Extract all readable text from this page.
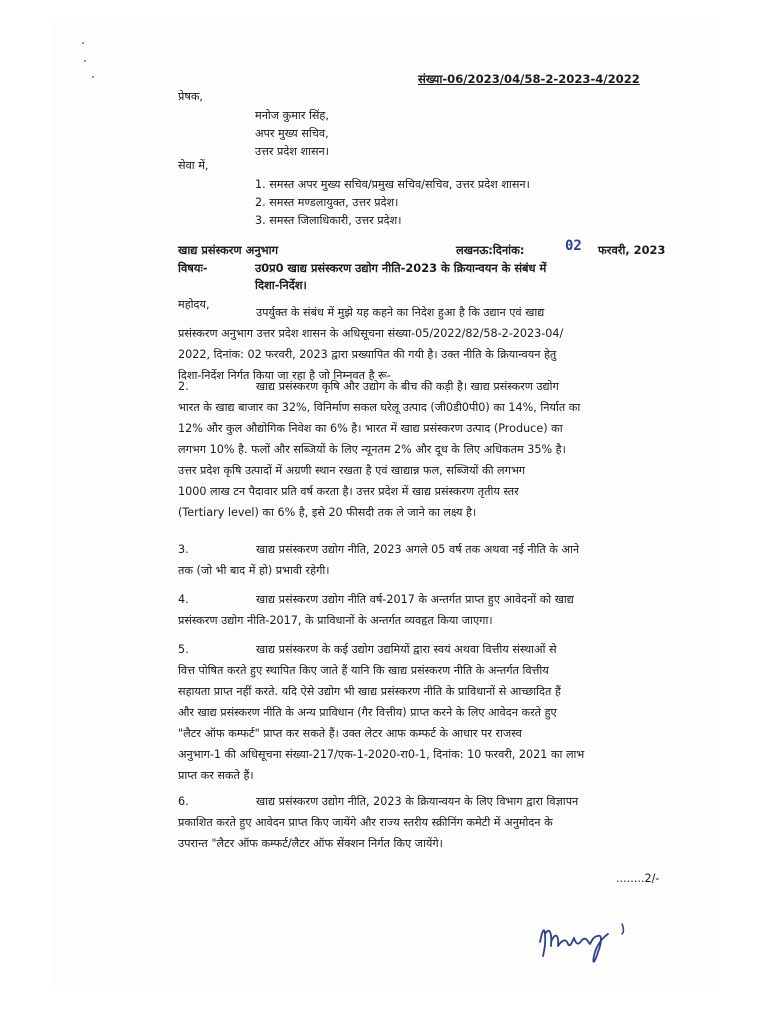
संख्या-06/2023/04/58-2-2023-4/2022
प्रेषक,
मनोज कुमार सिंह,
अपर मुख्य सचिव,
उत्तर प्रदेश शासन।
सेवा में,
1. समस्त अपर मुख्य सचिव/प्रमुख सचिव/सचिव, उत्तर प्रदेश शासन।
2. समस्त मण्डलायुक्त, उत्तर प्रदेश।
3. समस्त जिलाधिकारी, उत्तर प्रदेश।
खाद्य प्रसंस्करण अनुभाग	लखनऊ:दिनांक:	02 फरवरी, 2023
विषयः-	उ0प्र0 खाद्य प्रसंस्करण उद्योग नीति-2023 के क्रियान्वयन के संबंध में
दिशा-निर्देश।
महोदय,
उपर्युक्त के संबंध में मुझे यह कहने का निदेश हुआ है कि उद्यान एवं खाद्य
प्रसंस्करण अनुभाग उत्तर प्रदेश शासन के अधिसूचना संख्या-05/2022/82/58-2-2023-04/
2022, दिनांक: 02 फरवरी, 2023 द्वारा प्रख्यापित की गयी है। उक्त नीति के क्रियान्वयन हेतु
दिशा-निर्देश निर्गत किया जा रहा है जो निम्नवत है रू-
2.	खाद्य प्रसंस्करण कृषि और उद्योग के बीच की कड़ी है। खाद्य प्रसंस्करण उद्योग
भारत के खाद्य बाजार का 32%, विनिर्माण सकल घरेलू उत्पाद (जी0डी0पी0) का 14%, निर्यात का
12% और कुल औद्योगिक निवेश का 6% है। भारत में खाद्य प्रसंस्करण उत्पाद (Produce) का
लगभग 10% है. फलों और सब्जियों के लिए न्यूनतम 2% और दूध के लिए अधिकतम 35% है।
उत्तर प्रदेश कृषि उत्पादों में अग्रणी स्थान रखता है एवं खाद्यान्न फल, सब्जियों की लगभग
1000 लाख टन पैदावार प्रति वर्ष करता है। उत्तर प्रदेश में खाद्य प्रसंस्करण तृतीय स्तर
(Tertiary level) का 6% है, इसे 20 फीसदी तक ले जाने का लक्ष्य है।
3.	खाद्य प्रसंस्करण उद्योग नीति, 2023 अगले 05 वर्ष तक अथवा नई नीति के आने
तक (जो भी बाद में हो) प्रभावी रहेगी।
4.	खाद्य प्रसंस्करण उद्योग नीति वर्ष-2017 के अन्तर्गत प्राप्त हुए आवेदनों को खाद्य
प्रसंस्करण उद्योग नीति-2017, के प्राविधानों के अन्तर्गत व्यवहृत किया जाएगा।
5.	खाद्य प्रसंस्करण के कई उद्योग उद्यमियों द्वारा स्वयं अथवा वित्तीय संस्थाओं से
वित्त पोषित करते हुए स्थापित किए जाते हैं यानि कि खाद्य प्रसंस्करण नीति के अन्तर्गत वित्तीय
सहायता प्राप्त नहीं करते. यदि ऐसे उद्योग भी खाद्य प्रसंस्करण नीति के प्राविधानों से आच्छादित हैं
और खाद्य प्रसंस्करण नीति के अन्य प्राविधान (गैर वित्तीय) प्राप्त करने के लिए आवेदन करते हुए
"लैटर ऑफ कम्फर्ट" प्राप्त कर सकते हैं। उक्त लेटर आफ कम्फर्ट के आधार पर राजस्व
अनुभाग-1 की अधिसूचना संख्या-217/एक-1-2020-रा0-1, दिनांक: 10 फरवरी, 2021 का लाभ
प्राप्त कर सकते हैं।
6.	खाद्य प्रसंस्करण उद्योग नीति, 2023 के क्रियान्वयन के लिए विभाग द्वारा विज्ञापन
प्रकाशित करते हुए आवेदन प्राप्त किए जायेंगे और राज्य स्तरीय स्क्रीनिंग कमेटी में अनुमोदन के
उपरान्त "लैटर ऑफ कम्फर्ट/लैटर ऑफ सेंक्शन निर्गत किए जायेंगे।
........2/-
